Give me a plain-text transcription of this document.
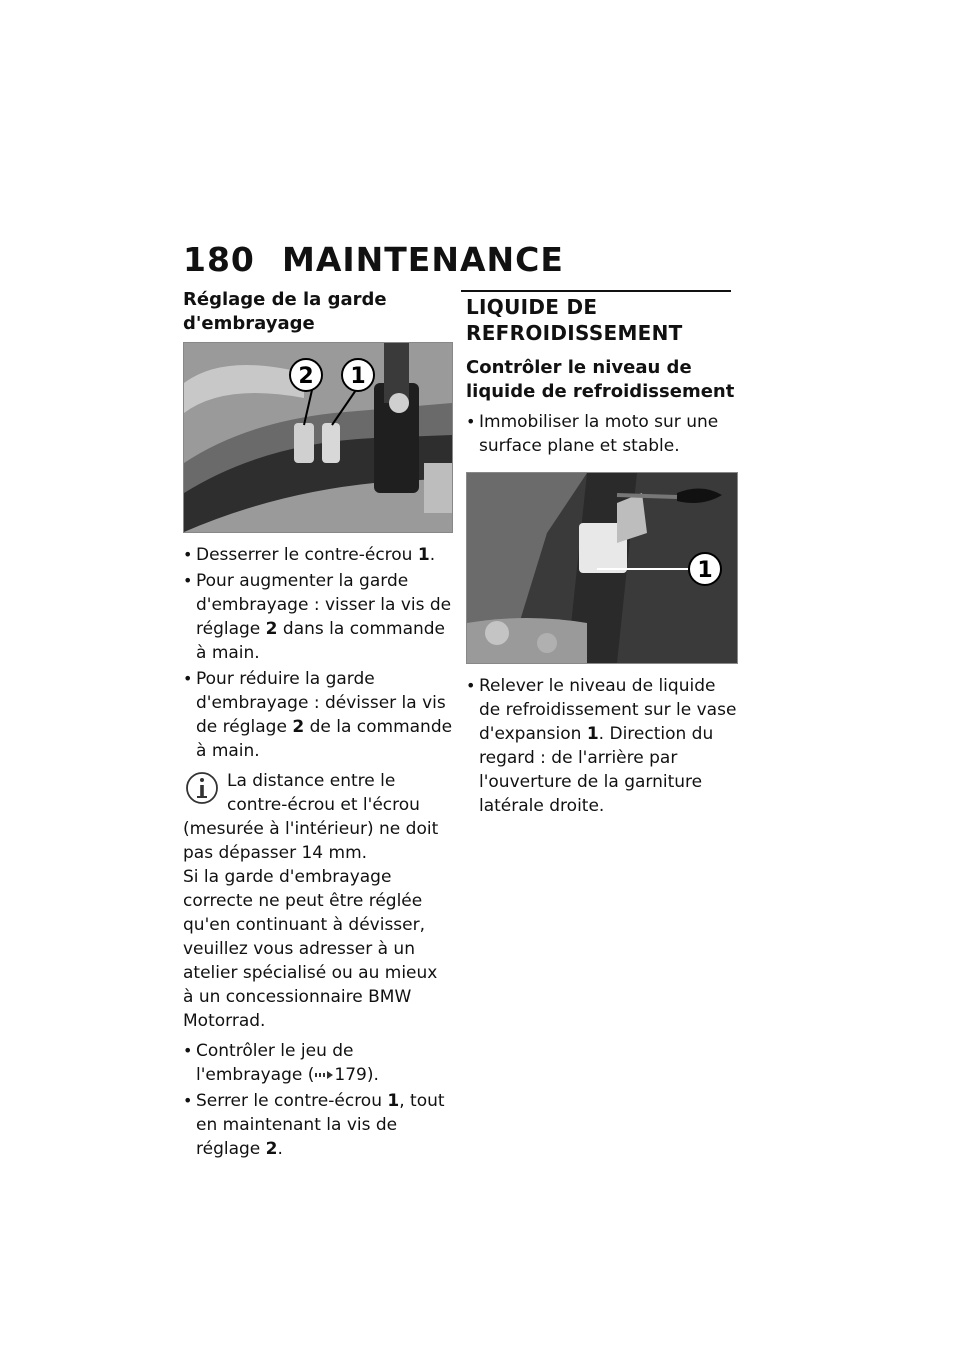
180 MAINTENANCE
Réglage de la garde d'embrayage
2 1
• Desserrer le contre-écrou 1.
• Pour augmenter la garde d'embrayage : visser la vis de réglage 2 dans la commande à main.
• Pour réduire la garde d'embrayage : dévisser la vis de réglage 2 de la commande à main.

La distance entre le contre-écrou et l'écrou (mesurée à l'intérieur) ne doit pas dépasser 14 mm.

Si la garde d'embrayage correcte ne peut être réglée qu'en continuant à dévisser, veuillez vous adresser à un atelier spécialisé ou au mieux à un concessionnaire BMW Motorrad.

• Contrôler le jeu de l'embrayage ( 179).
• Serrer le contre-écrou 1, tout en maintenant la vis de réglage 2.
LIQUIDE DE REFROIDISSEMENT
Contrôler le niveau de liquide de refroidissement
• Immobiliser la moto sur une surface plane et stable.
1
• Relever le niveau de liquide de refroidissement sur le vase d'expansion 1. Direction du regard : de l'arrière par l'ouverture de la garniture latérale droite.
